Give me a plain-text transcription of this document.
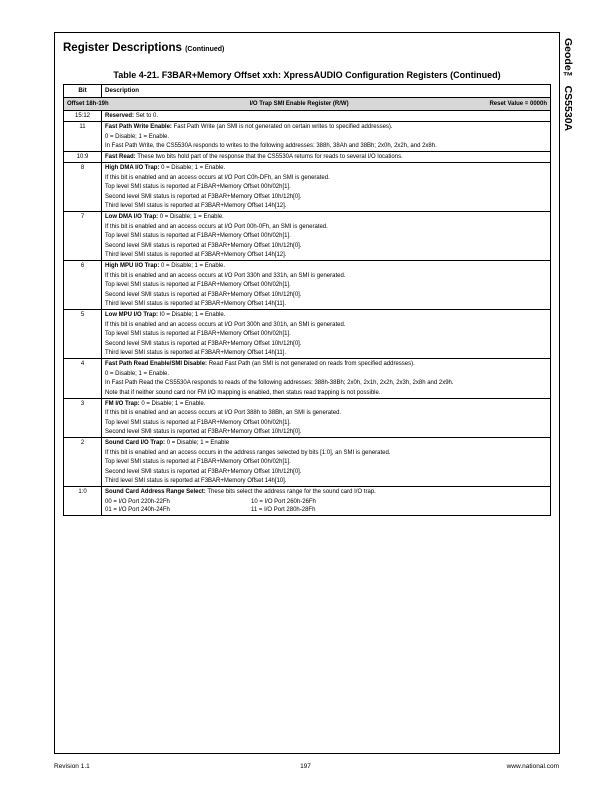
Register Descriptions (Continued)	Geode™ CS5530A
Table 4-21. F3BAR+Memory Offset xxh: XpressAUDIO Configuration Registers (Continued)
Bit	Description

Offset 18h-19h I/O Trap SMI Enable Register (R/W) Reset Value = 0000h	

15:12	Reserved: Set to 0.

11	Fast Path Write Enable: Fast Path Write (an SMI is not generated on certain writes to specified addresses).

0 = Disable; 1 = Enable.

In Fast Path Write, the CS5530A responds to writes to the following addresses: 388h, 38Ah and 38Bh; 2x0h, 2x2h, and 2x8h.

10:9	Fast Read: These two bits hold part of the response that the CS5530A returns for reads to several I/O locations.

8	High DMA I/O Trap: 0 = Disable; 1 = Enable.

If this bit is enabled and an access occurs at I/O Port C0h-DFh, an SMI is generated.

Top level SMI status is reported at F1BAR+Memory Offset 00h/02h[1].

Second level SMI status is reported at F3BAR+Memory Offset 10h/12h[0].

Third level SMI status is reported at F3BAR+Memory Offset 14h[12].

7	Low DMA I/O Trap: 0 = Disable; 1 = Enable.

If this bit is enabled and an access occurs at I/O Port 00h-0Fh, an SMI is generated.

Top level SMI status is reported at F1BAR+Memory Offset 00h/02h[1].

Second level SMI status is reported at F3BAR+Memory Offset 10h/12h[0].

Third level SMI status is reported at F3BAR+Memory Offset 14h[12].

6	High MPU I/O Trap: 0 = Disable; 1 = Enable.

If this bit is enabled and an access occurs at I/O Port 330h and 331h, an SMI is generated.

Top level SMI status is reported at F1BAR+Memory Offset 00h/02h[1].

Second level SMI status is reported at F3BAR+Memory Offset 10h/12h[0].

Third level SMI status is reported at F3BAR+Memory Offset 14h[11].

5	Low MPU I/O Trap: I0 = Disable; 1 = Enable.

If this bit is enabled and an access occurs at I/O Port 300h and 301h, an SMI is generated.

Top level SMI status is reported at F1BAR+Memory Offset 00h/02h[1].

Second level SMI status is reported at F3BAR+Memory Offset 10h/12h[0].

Third level SMI status is reported at F3BAR+Memory Offset 14h[11].

4	Fast Path Read Enable/SMI Disable: Read Fast Path (an SMI is not generated on reads from specified addresses).

0 = Disable; 1 = Enable.

In Fast Path Read the CS5530A responds to reads of the following addresses: 388h-38Bh; 2x0h, 2x1h, 2x2h, 2x3h, 2x8h and 2x9h.

Note that if neither sound card nor FM I/O mapping is enabled, then status read trapping is not possible.

3	FM I/O Trap: 0 = Disable; 1 = Enable.

If this bit is enabled and an access occurs at I/O Port 388h to 38Bh, an SMI is generated.

Top level SMI status is reported at F1BAR+Memory Offset 00h/02h[1].

Second level SMI status is reported at F3BAR+Memory Offset 10h/12h[0].

2	Sound Card I/O Trap: 0 = Disable; 1 = Enable

If this bit is enabled and an access occurs in the address ranges selected by bits [1:0], an SMI is generated.

Top level SMI status is reported at F1BAR+Memory Offset 00h/02h[1].

Second level SMI status is reported at F3BAR+Memory Offset 10h/12h[0].

Third level SMI status is reported at F3BAR+Memory Offset 14h[10].

1:0	Sound Card Address Range Select: These bits select the address range for the sound card I/O trap.

00 = I/O Port 220h-22Fh 10 = I/O Port 260h-26Fh
01 = I/O Port 240h-24Fh 11 = I/O Port 280h-28Fh
Revision 1.1	197	www.national.com
